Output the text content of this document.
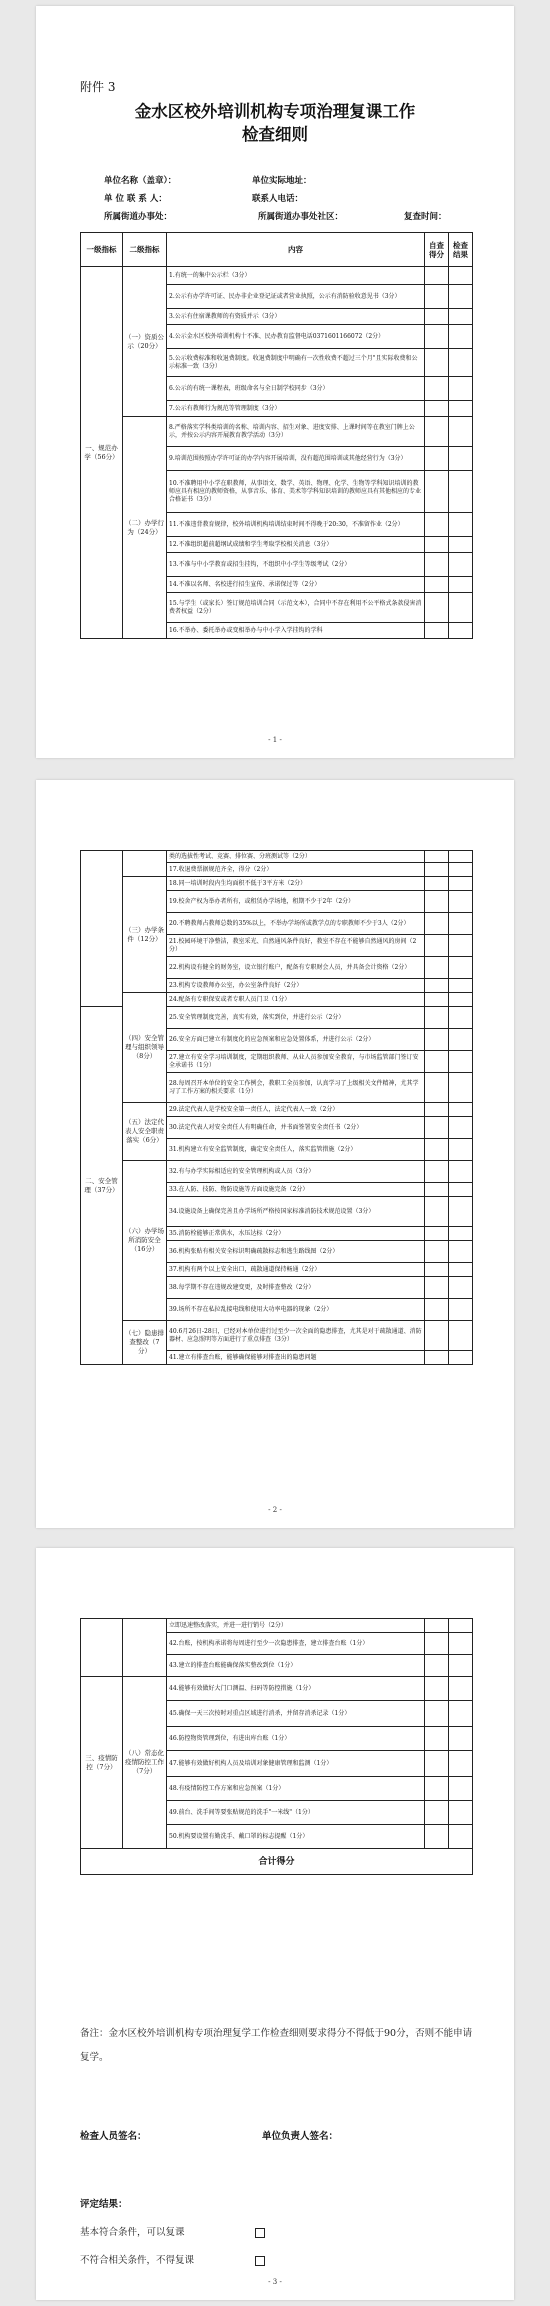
附件 3
金水区校外培训机构专项治理复课工作
检查细则
单位名称（盖章）：	单位实际地址：
单 位 联 系 人：	联系人电话：
所属街道办事处：	所属街道办事处社区：	复查时间：
一级指标	二级指标	内容	自查得分	检查结果
一、规范办学（56分）	（一）资质公示（20分）	1.有统一的集中公示栏（3分）		
		2.公示有办学许可证、民办非企业登记证或者营业执照，公示有消防验收意见书（3分）		
		3.公示有住宿课教师的有资质并示（3分）		
		4.公示金水区校外培训机构十不准、民办教育监督电话0371601166072（2分）		
		5.公示收费标准和收退费制度。收退费制度中明确有一次性收费不超过三个月"且实际收费和公示标准一致（3分）		
		6.公示的有统一课程表，班级命名与全日制学校同步（3分）		
		7.公示有教师行为规范等管理制度（3分）		
	（二）办学行为（24分）	8.严格落实学科类培训的名称、培训内容、招生对象、进度安排、上课时间等在教室门牌上公示，并按公示内容开展教育教学活动（3分）		
		9.培训范围按照办学许可证的办学内容开展培训，没有超范围培训或其他经营行为（3分）		
		10.不准聘用中小学在职教师，从事语文、数学、英语、物理、化学、生物等学科知识培训的教师应具有相应的教师资格，从事音乐、体育、美术等学科知识培训的教师应具有其他相应的专业合格证书（3分）		
		11.不准违背教育规律，校外培训机构培训结束时间不得晚于20:30，不准留作业（2分）		
		12.不准组织超前超纲试成绩和学生考取学校相关消息（3分）		
		13.不准与中小学教育或招生挂钩，不组织中小学生等级考试（2分）		
		14.不准以名师、名校进行招生宣传、承诺保过等（2分）		
		15.与学生（或家长）签订规范培训合同（示范文本），合同中不存在利用不公平格式条款侵害消费者权益（2分）		
		16.不举办、委托举办或变相举办与中小学入学挂钩的学科		
- 1 -
		类的选拔性考试、竞赛、排位赛、分班测试等（2分）		
		17.收退费票据规范齐全，得分（2分）		
	（三）办学条件（12分）	18.同一培训时段内生均面积不低于3平方米（2分）		
		19.校舍产权为举办者所有，或租赁办学场地，租期不少于2年（2分）		
		20.不聘教师占教师总数的35%以上，不举办学场所或教学点的专职教师不少于3人（2分）		
		21.校园环境干净整洁，教室采光、自然通风条件良好，教室不存在不能够自然通风的房间（2分）		
		22.机构设有健全的财务室，设立银行账户，配备有专职财会人员，并具备会计资格（2分）		
		23.机构专设教师办公室，办公室条件良好（2分）		
	（四）安全管理与组织领导（8分）	24.配备有专职保安或者专职人员门卫（1分）		
二、安全管理（37分）		25.安全管理制度完善，真实有效，落实到位，并进行公示（2分）		
		26.安全方面已建立有制度化的应急预案和应急处置体系，并进行公示（2分）		
		27.建立有安全学习培训制度，定期组织教师、从业人员参加安全教育，与市场监管部门签订安全承诺书（1分）		
		28.每周召开本单位的安全工作例会，教职工全员参加，认真学习了上级相关文件精神，尤其学习了工作方案的相关要求（1分）		
	（五）法定代表人安全职责落实（6分）	29.法定代表人是学校安全第一责任人，法定代表人一致（2分）		
		30.法定代表人对安全责任人有明确任命，并书面签署安全责任书（2分）		
		31.机构建立有安全监管制度，确定安全责任人，落实监管措施（2分）		
	（六）办学场所消防安全（16分）	32.有与办学实际相适应的安全管理机构或人员（3分）		
		33.在人防、技防、物防设施等方面设施完备（2分）		
		34.设施设备上确保完善且办学场所严格按国家标准消防技术规范设置（3分）		
		35.消防栓能够正常供水，水压达标（2分）		
		36.机构张贴有相关安全标识明确疏散标志和逃生路线图（2分）		
		37.机构有两个以上安全出口，疏散通道保持畅通（2分）		
		38.每学期不存在违规改建变更，及时排查整改（2分）		
		39.场所不存在私拉乱接电线和使用大功率电器的现象（2分）		
	（七）隐患排查整改（7分）	40.6月26日-28日，已经对本单位进行过至少一次全面的隐患排查，尤其是对于疏散通道、消防器材、应急照明等方面进行了重点排查（3分）		
		41.建立有排查台账，能够确保能够对排查出的隐患问题		
- 2 -
		立即迅速整改落实，并进一进行销号（2分）		
		42.台账，按机构承诺将每周进行至少一次隐患排查，建立排查台账（1分）		
		43.建立的排查台账能确保落实整改到位（1分）		
三、疫情防控（7分）	（八）常态化疫情防控工作（7分）	44.能够有效做好大门口测温、扫码等防控措施（1分）		
		45.确保一天三次按时对重点区域进行消杀，并留存消杀记录（1分）		
		46.防控物资管理到位，有进出库台账（1分）		
		47.能够有效做好机构人员及培训对象健康管理和监测（1分）		
		48.有疫情防控工作方案和应急预案（1分）		
		49.前台、洗手间等要张贴规范的洗手"一米线"（1分）		
		50.机构要设置有勤洗手、戴口罩的标志提醒（1分）		
合计得分				
备注：金水区校外培训机构专项治理复学工作检查细则要求得分不得低于90分，否则不能申请复学。
检查人员签名：	单位负责人签名：
评定结果：
基本符合条件，可以复课
不符合相关条件，不得复课
- 3 -
